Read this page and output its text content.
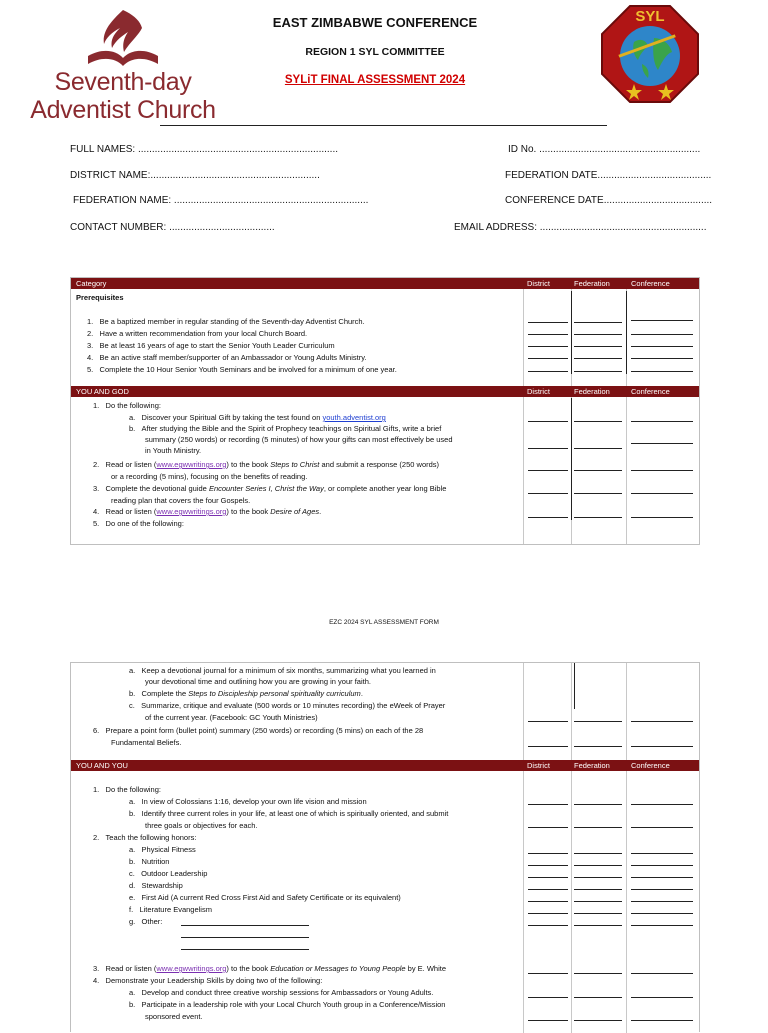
Seventh-day
Adventist Church
EAST ZIMBABWE CONFERENCE
REGION 1 SYL COMMITTEE
SYLiT FINAL ASSESSMENT 2024
SYL
FULL NAMES: ........................................................................	ID No. ..........................................................
DISTRICT NAME:.............................................................	FEDERATION DATE.........................................
FEDERATION NAME: ......................................................................	CONFERENCE DATE.......................................
CONTACT NUMBER: ......................................	EMAIL ADDRESS: ............................................................
Category	District	Federation	Conference
Prerequisites
1. Be a baptized member in regular standing of the Seventh-day Adventist Church.
2. Have a written recommendation from your local Church Board.
3. Be at least 16 years of age to start the Senior Youth Leader Curriculum
4. Be an active staff member/supporter of an Ambassador or Young Adults Ministry.
5. Complete the 10 Hour Senior Youth Seminars and be involved for a minimum of one year.
YOU AND GOD	District	Federation	Conference
1. Do the following:
a. Discover your Spiritual Gift by taking the test found on youth.adventist.org
b. After studying the Bible and the Spirit of Prophecy teachings on Spiritual Gifts, write a brief
summary (250 words) or recording (5 minutes) of how your gifts can most effectively be used
in Youth Ministry.
2. Read or listen (www.egwwritings.org) to the book Steps to Christ and submit a response (250 words)
or a recording (5 mins), focusing on the benefits of reading.
3. Complete the devotional guide Encounter Series I, Christ the Way, or complete another year long Bible
reading plan that covers the four Gospels.
4. Read or listen (www.egwwritings.org) to the book Desire of Ages.
5. Do one of the following:
EZC 2024 SYL ASSESSMENT FORM
a. Keep a devotional journal for a minimum of six months, summarizing what you learned in
your devotional time and outlining how you are growing in your faith.
b. Complete the Steps to Discipleship personal spirituality curriculum.
c. Summarize, critique and evaluate (500 words or 10 minutes recording) the eWeek of Prayer
of the current year. (Facebook: GC Youth Ministries)
6. Prepare a point form (bullet point) summary (250 words) or recording (5 mins) on each of the 28
Fundamental Beliefs.
YOU AND YOU	District	Federation	Conference
1. Do the following:
a. In view of Colossians 1:16, develop your own life vision and mission
b. Identify three current roles in your life, at least one of which is spiritually oriented, and submit
three goals or objectives for each.
2. Teach the following honors:
a. Physical Fitness
b. Nutrition
c. Outdoor Leadership
d. Stewardship
e. First Aid (A current Red Cross First Aid and Safety Certificate or its equivalent)
f. Literature Evangelism
g. Other:
3. Read or listen (www.egwwritings.org) to the book Education or Messages to Young People by E. White
4. Demonstrate your Leadership Skills by doing two of the following:
a. Develop and conduct three creative worship sessions for Ambassadors or Young Adults.
b. Participate in a leadership role with your Local Church Youth group in a Conference/Mission
sponsored event.
